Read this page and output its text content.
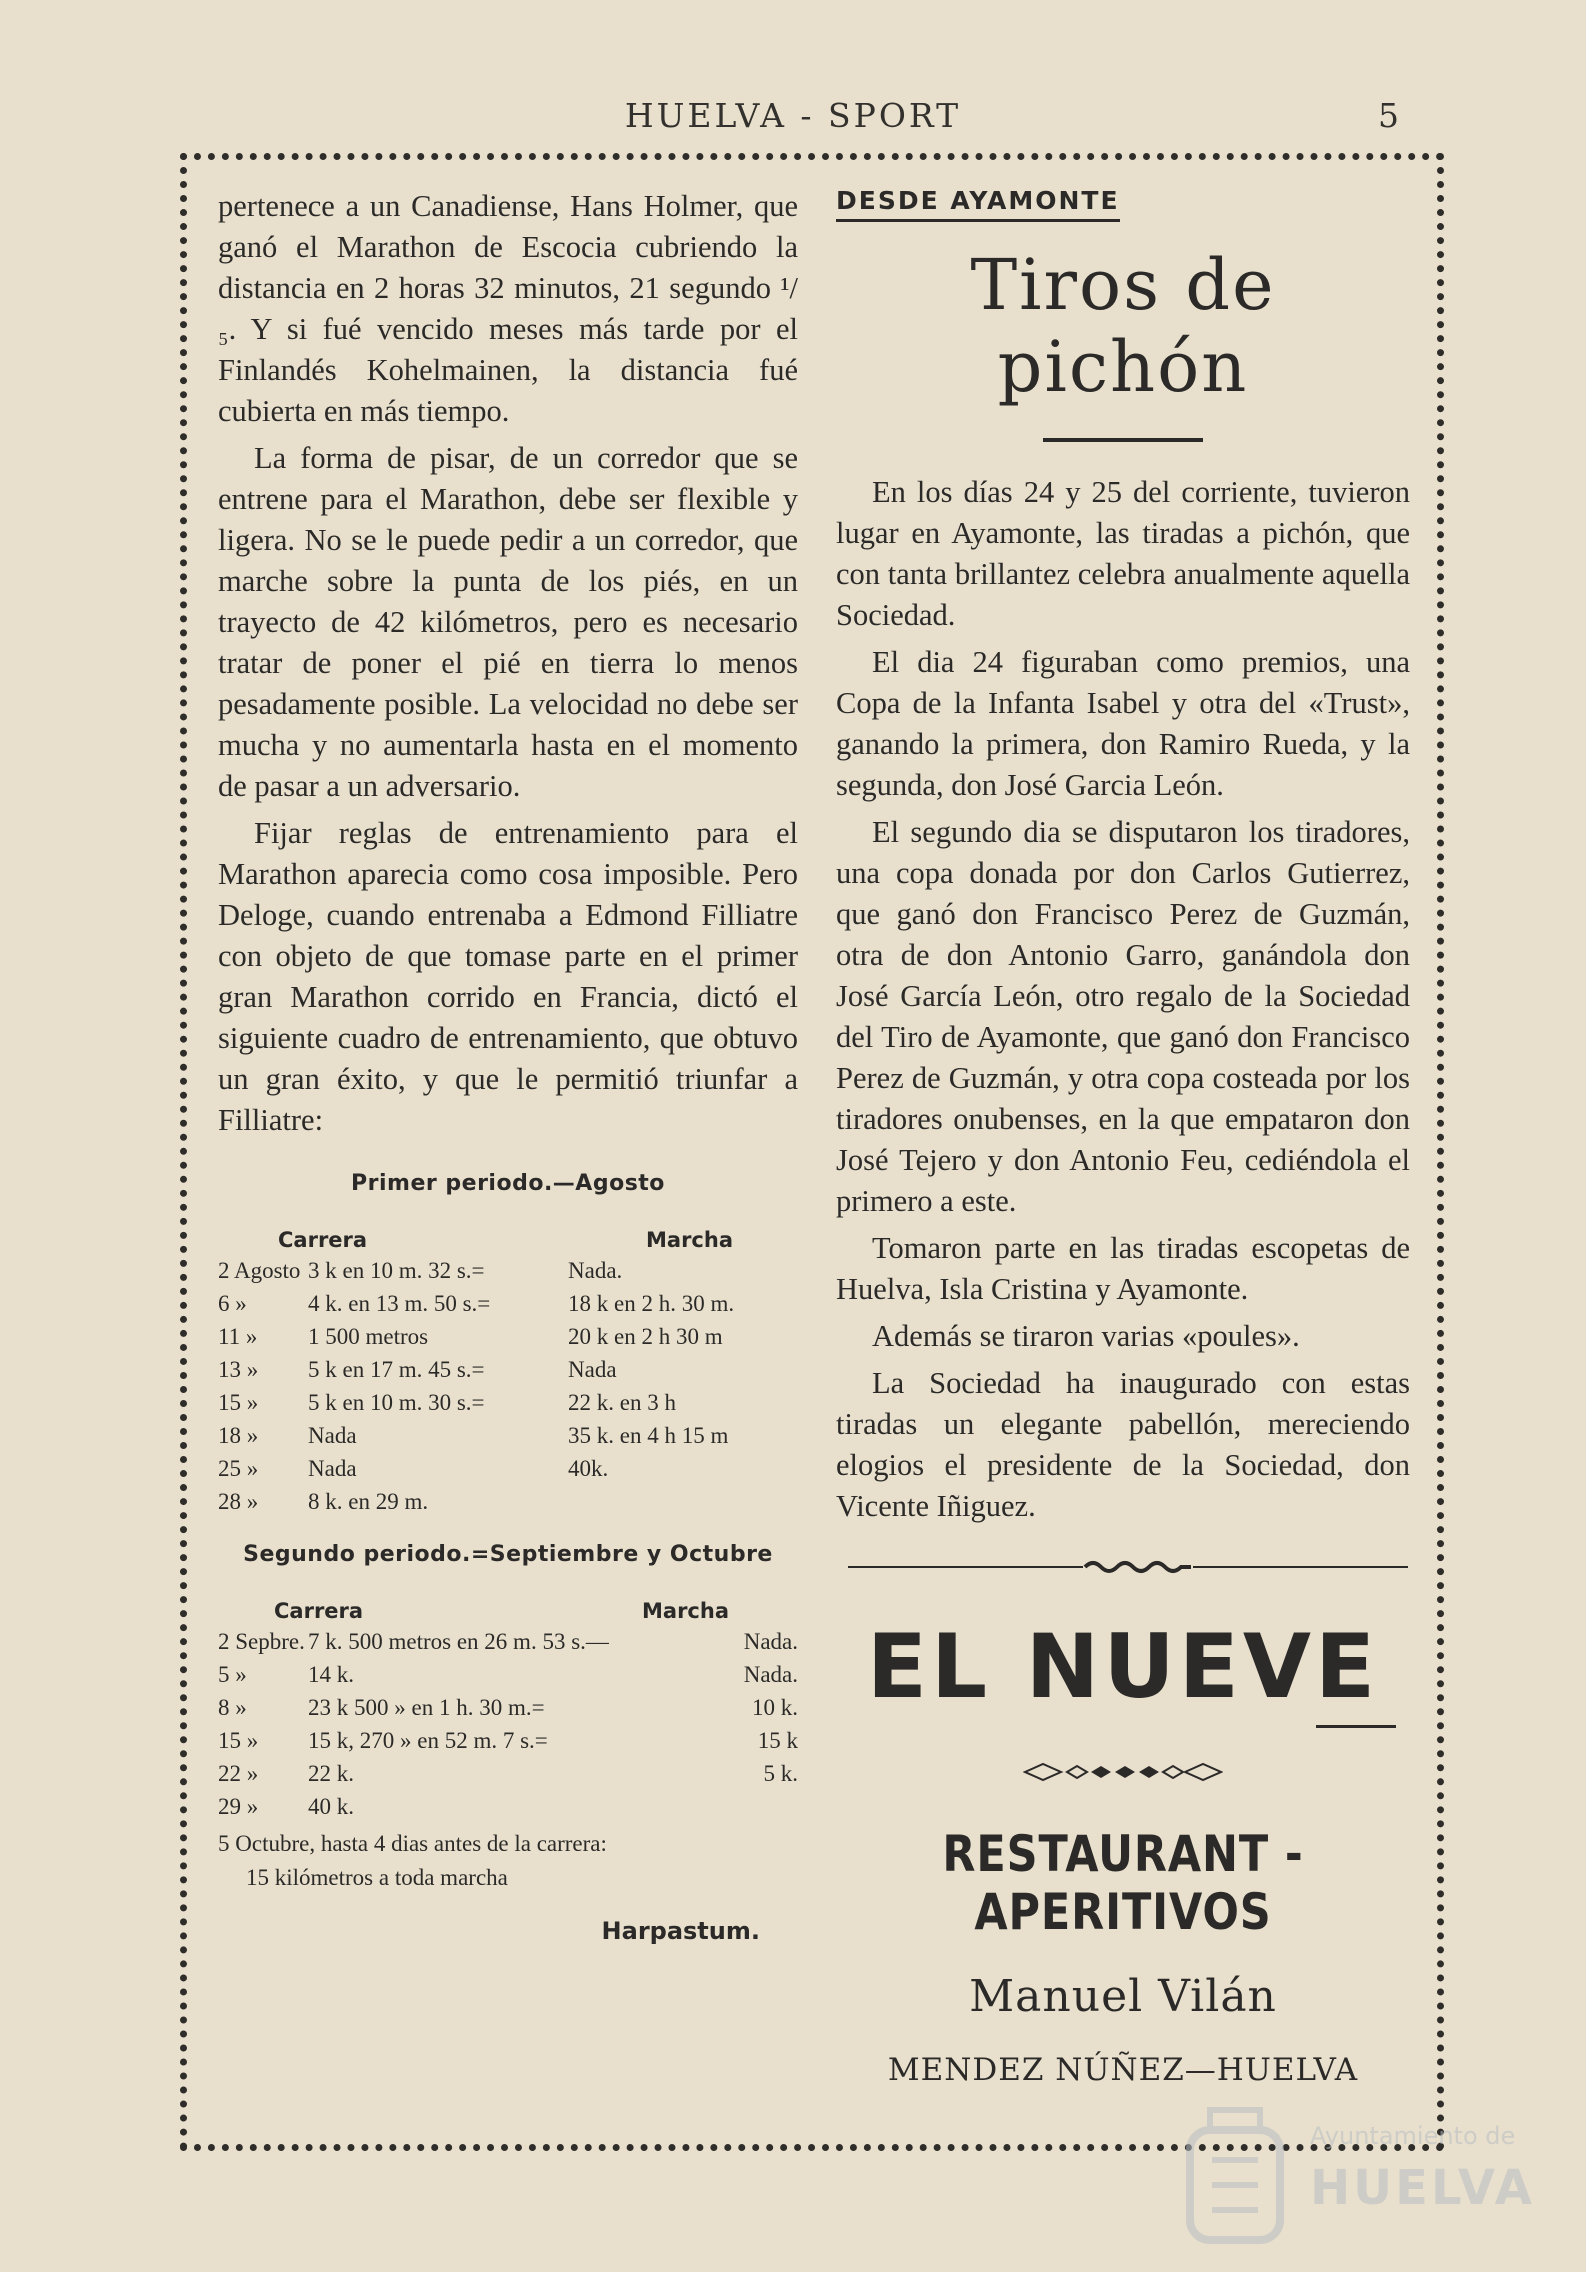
HUELVA - SPORT	5

pertenece a un Canadiense, Hans Holmer, que ganó el Marathon de Escocia cubriendo la distancia en 2 horas 32 minutos, 21 segundo ¹/₅. Y si fué vencido meses más tarde por el Finlandés Kohelmainen, la distancia fué cubierta en más tiempo.

La forma de pisar, de un corredor que se entrene para el Marathon, debe ser flexible y ligera. No se le puede pedir a un corredor, que marche sobre la punta de los piés, en un trayecto de 42 kilómetros, pero es necesario tratar de poner el pié en tierra lo menos pesadamente posible. La velocidad no debe ser mucha y no aumentarla hasta en el momento de pasar a un adversario.

Fijar reglas de entrenamiento para el Marathon aparecia como cosa imposible. Pero Deloge, cuando entrenaba a Edmond Filliatre con objeto de que tomase parte en el primer gran Marathon corrido en Francia, dictó el siguiente cuadro de entrenamiento, que obtuvo un gran éxito, y que le permitió triunfar a Filliatre:

Primer periodo.—Agosto
Carrera	Marcha
2 Agosto	3 k en 10 m. 32 s.=	Nada.
6 »	4 k. en 13 m. 50 s.=	18 k en 2 h. 30 m.
11 »	1 500 metros	20 k en 2 h 30 m
13 »	5 k en 17 m. 45 s.=	Nada
15 »	5 k en 10 m. 30 s.=	22 k. en 3 h
18 »	Nada	35 k. en 4 h 15 m
25 »	Nada	40k.
28 »	8 k. en 29 m.	
Segundo periodo.=Septiembre y Octubre
Carrera	Marcha
2 Sepbre.	7 k. 500 metros en 26 m. 53 s.—	Nada.
5 »	14 k.	Nada.
8 »	23 k 500 » en 1 h. 30 m.=	10 k.
15 »	15 k, 270 » en 52 m. 7 s.=	15 k
22 »	22 k.	5 k.
29 »	40 k.	
5 Octubre, hasta 4 dias antes de la carrera:
15 kilómetros a toda marcha
Harpastum.
DESDE AYAMONTE
Tiros de pichón

En los días 24 y 25 del corriente, tuvieron lugar en Ayamonte, las tiradas a pichón, que con tanta brillantez celebra anualmente aquella Sociedad.

El dia 24 figuraban como premios, una Copa de la Infanta Isabel y otra del «Trust», ganando la primera, don Ramiro Rueda, y la segunda, don José Garcia León.

El segundo dia se disputaron los tiradores, una copa donada por don Carlos Gutierrez, que ganó don Francisco Perez de Guzmán, otra de don Antonio Garro, ganándola don José García León, otro regalo de la Sociedad del Tiro de Ayamonte, que ganó don Francisco Perez de Guzmán, y otra copa costeada por los tiradores onubenses, en la que empataron don José Tejero y don Antonio Feu, cediéndola el primero a este.

Tomaron parte en las tiradas escopetas de Huelva, Isla Cristina y Ayamonte.

Además se tiraron varias «poules».

La Sociedad ha inaugurado con estas tiradas un elegante pabellón, mereciendo elogios el presidente de la Sociedad, don Vicente Iñiguez.

EL NUEVE
RESTAURANT - APERITIVOS
Manuel Vilán
MENDEZ NÚÑEZ—HUELVA
Ayuntamiento de
HUELVA
